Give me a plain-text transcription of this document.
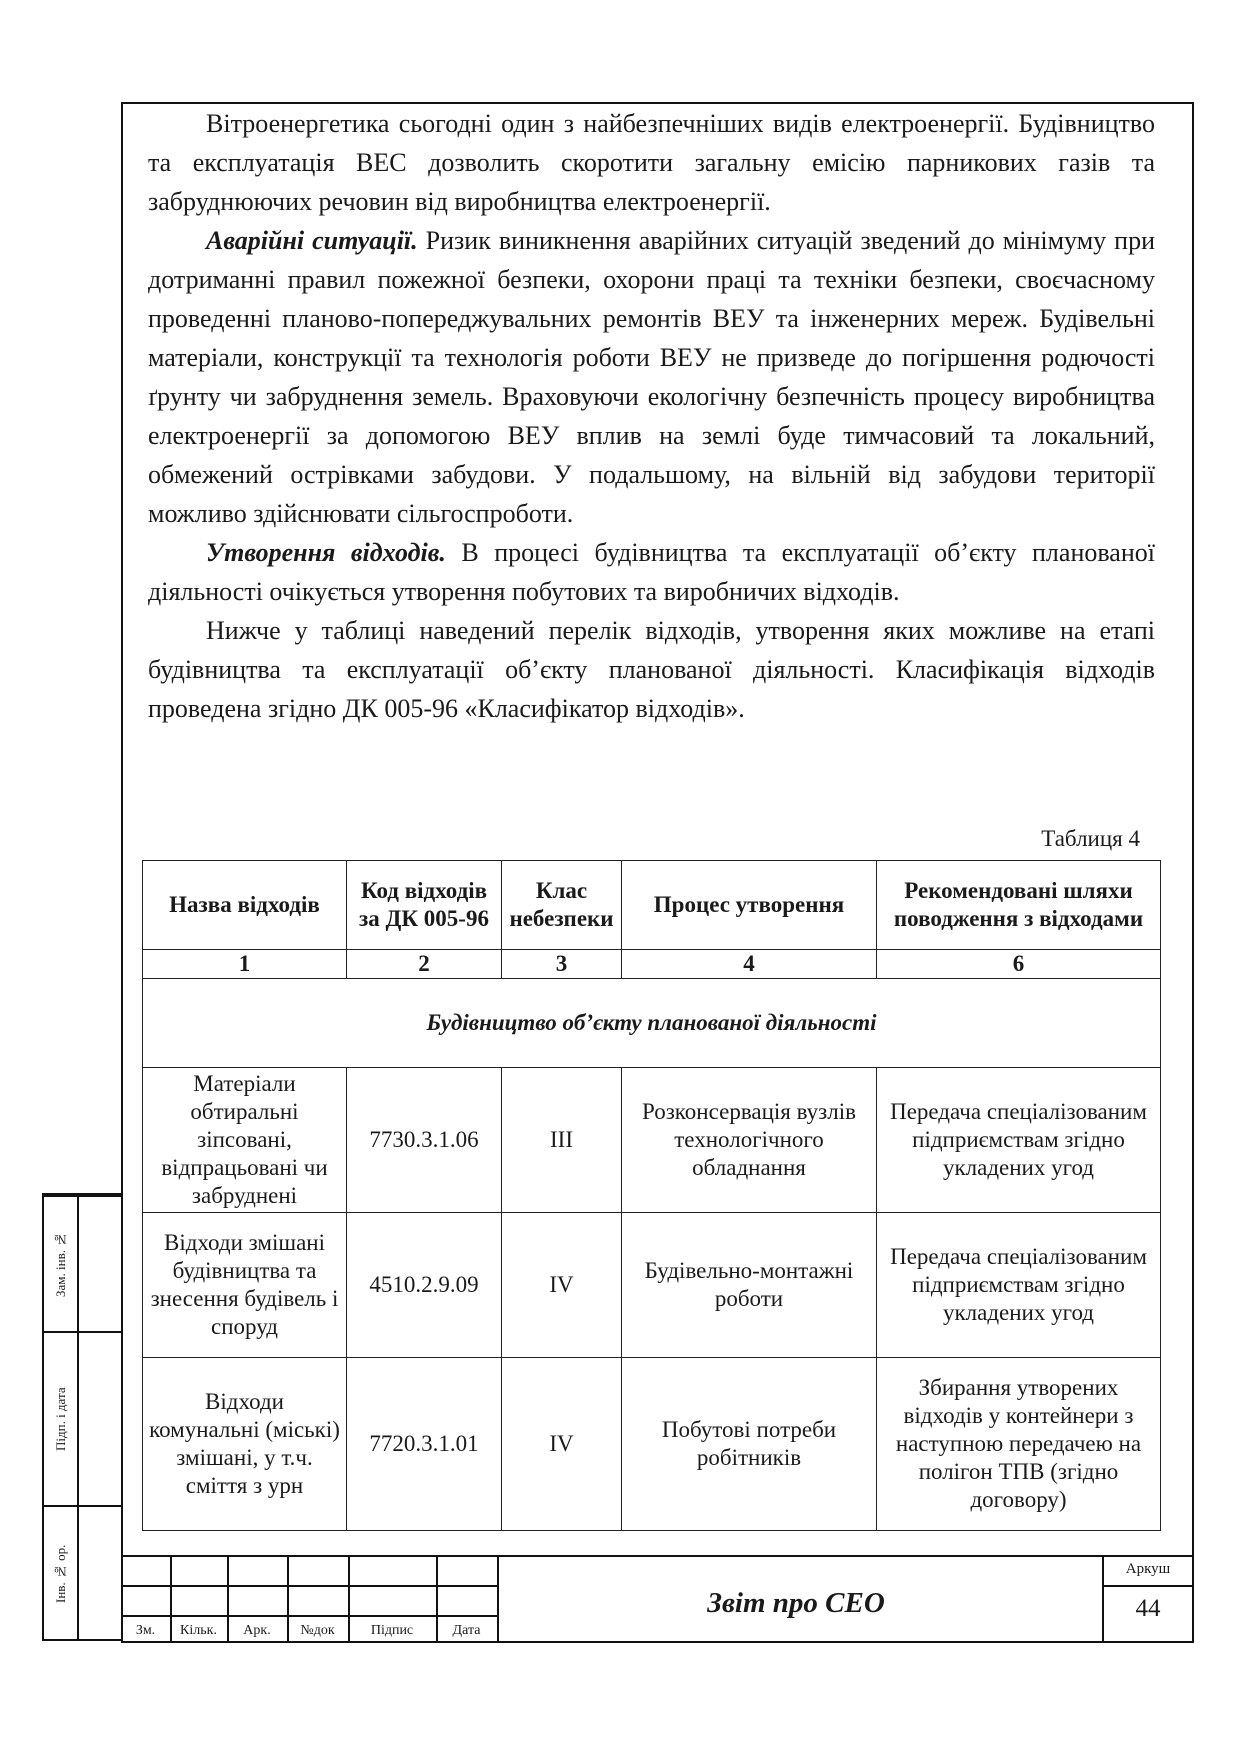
Вітроенергетика сьогодні один з найбезпечніших видів електроенергії. Будівництво та експлуатація ВЕС дозволить скоротити загальну емісію парникових газів та забруднюючих речовин від виробництва електроенергії.

Аварійні ситуації. Ризик виникнення аварійних ситуацій зведений до мінімуму при дотриманні правил пожежної безпеки, охорони праці та техніки безпеки, своєчасному проведенні планово-попереджувальних ремонтів ВЕУ та інженерних мереж. Будівельні матеріали, конструкції та технологія роботи ВЕУ не призведе до погіршення родючості ґрунту чи забруднення земель. Враховуючи екологічну безпечність процесу виробництва електроенергії за допомогою ВЕУ вплив на землі буде тимчасовий та локальний, обмежений острівками забудови. У подальшому, на вільній від забудови території можливо здійснювати сільгоспроботи.

Утворення відходів. В процесі будівництва та експлуатації об’єкту планованої діяльності очікується утворення побутових та виробничих відходів.

Нижче у таблиці наведений перелік відходів, утворення яких можливе на етапі будівництва та експлуатації об’єкту планованої діяльності. Класифікація відходів проведена згідно ДК 005-96 «Класифікатор відходів».

Таблиця 4
Назва відходів	Код відходів за ДК 005-96	Клас небезпеки	Процес утворення	Рекомендовані шляхи поводження з відходами
1	2	3	4	6
Будівництво об’єкту планованої діяльності				
Матеріали обтиральні зіпсовані, відпрацьовані чи забруднені	7730.3.1.06	III	Розконсервація вузлів технологічного обладнання	Передача спеціалізованим підприємствам згідно укладених угод
Відходи змішані будівництва та знесення будівель і споруд	4510.2.9.09	IV	Будівельно-монтажні роботи	Передача спеціалізованим підприємствам згідно укладених угод
Відходи комунальні (міські) змішані, у т.ч. сміття з урн	7720.3.1.01	IV	Побутові потреби робітників	Збирання утворених відходів у контейнери з наступною передачею на полігон ТПВ (згідно договору)
Зам. інв. №
Підп. і дата
Інв. № ор.
Зм.	Кільк.	Арк.	№док	Підпис	Дата
Звіт про СЕО
Аркуш
44
